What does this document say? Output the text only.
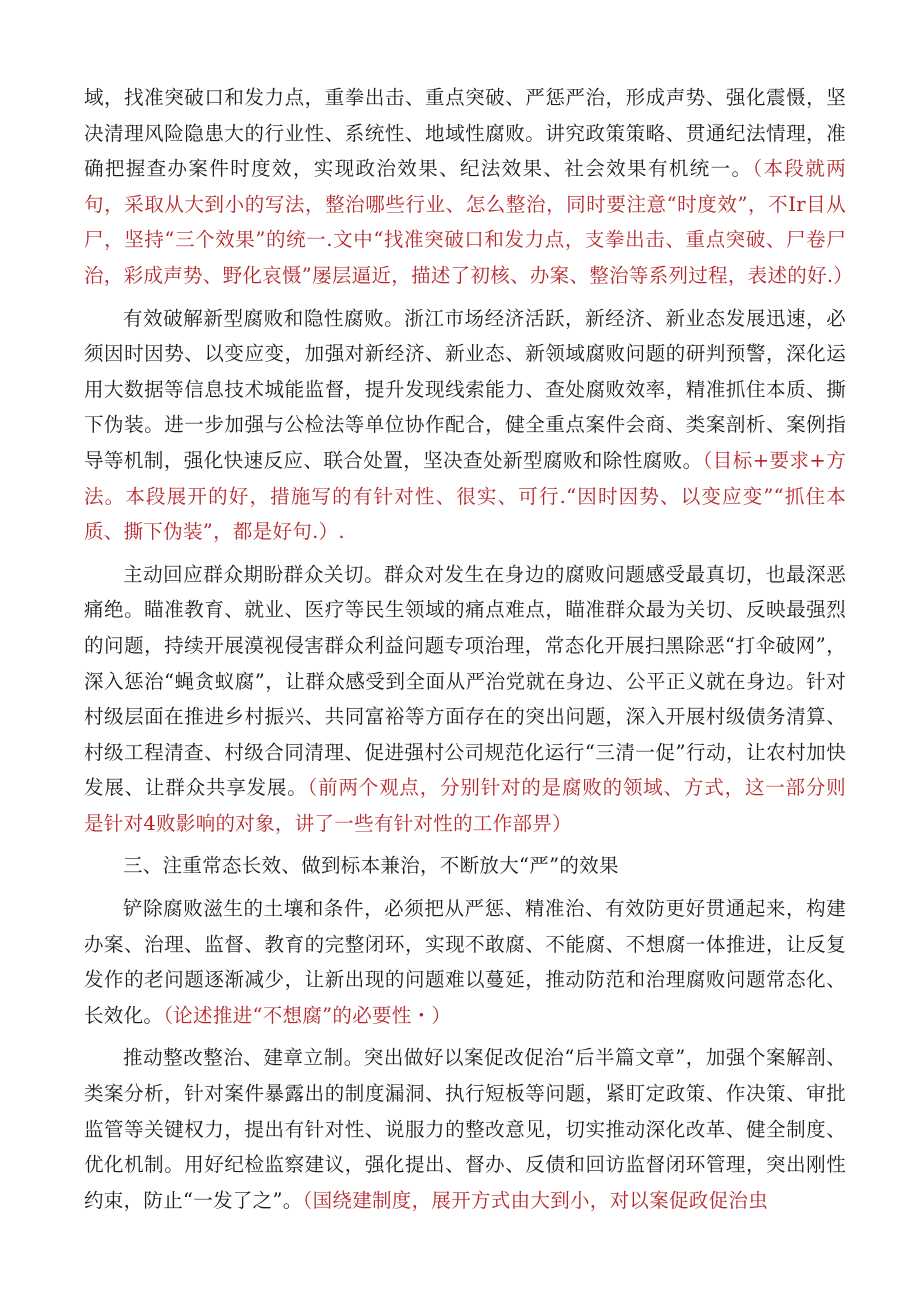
域，找准突破口和发力点，重拳出击、重点突破、严惩严治，形成声势、强化震慑，坚决清理风险隐患大的行业性、系统性、地域性腐败。讲究政策策略、贯通纪法情理，准确把握查办案件时度效，实现政治效果、纪法效果、社会效果有机统一。（本段就两句，采取从大到小的写法，整治哪些行业、怎么整治，同时要注意“时度效”，不Ir目从尸，坚持“三个效果”的统一.文中“找准突破口和发力点，支拳出击、重点突破、尸卷尸治，彩成声势、野化哀慑”屡层逼近，描述了初核、办案、整治等系列过程，表述的好.）

有效破解新型腐败和隐性腐败。浙江市场经济活跃，新经济、新业态发展迅速，必须因时因势、以变应变，加强对新经济、新业态、新领域腐败问题的研判预警，深化运用大数据等信息技术城能监督，提升发现线索能力、查处腐败效率，精准抓住本质、撕下伪装。进一步加强与公检法等单位协作配合，健全重点案件会商、类案剖析、案例指导等机制，强化快速反应、联合处置，坚决查处新型腐败和除性腐败。（目标+要求+方法。本段展开的好，措施写的有针对性、很实、可行.“因时因势、以变应变”“抓住本质、撕下伪装”，都是好句.）.

主动回应群众期盼群众关切。群众对发生在身边的腐败问题感受最真切，也最深恶痛绝。瞄准教育、就业、医疗等民生领域的痛点难点，瞄准群众最为关切、反映最强烈的问题，持续开展漠视侵害群众利益问题专项治理，常态化开展扫黑除恶“打伞破网”，深入惩治“蝇贪蚁腐”，让群众感受到全面从严治党就在身边、公平正义就在身边。针对村级层面在推进乡村振兴、共同富裕等方面存在的突出问题，深入开展村级债务清算、村级工程清查、村级合同清理、促进强村公司规范化运行“三清一促”行动，让农村加快发展、让群众共享发展。（前两个观点，分别针对的是腐败的领域、方式，这一部分则是针对4败影响的对象，讲了一些有针对性的工作部畀）

三、注重常态长效、做到标本兼治，不断放大“严”的效果

铲除腐败滋生的土壤和条件，必须把从严惩、精准治、有效防更好贯通起来，构建办案、治理、监督、教育的完整闭环，实现不敢腐、不能腐、不想腐一体推进，让反复发作的老问题逐渐减少，让新出现的问题难以蔓延，推动防范和治理腐败问题常态化、长效化。（论述推进“不想腐”的必要性・）

推动整改整治、建章立制。突出做好以案促改促治“后半篇文章”，加强个案解剖、类案分析，针对案件暴露出的制度漏洞、执行短板等问题，紧盯定政策、作决策、审批监管等关键权力，提出有针对性、说服力的整改意见，切实推动深化改革、健全制度、优化机制。用好纪检监察建议，强化提出、督办、反债和回访监督闭环管理，突出刚性约束，防止“一发了之”。（国绕建制度，展开方式由大到小，对以案促政促治虫
